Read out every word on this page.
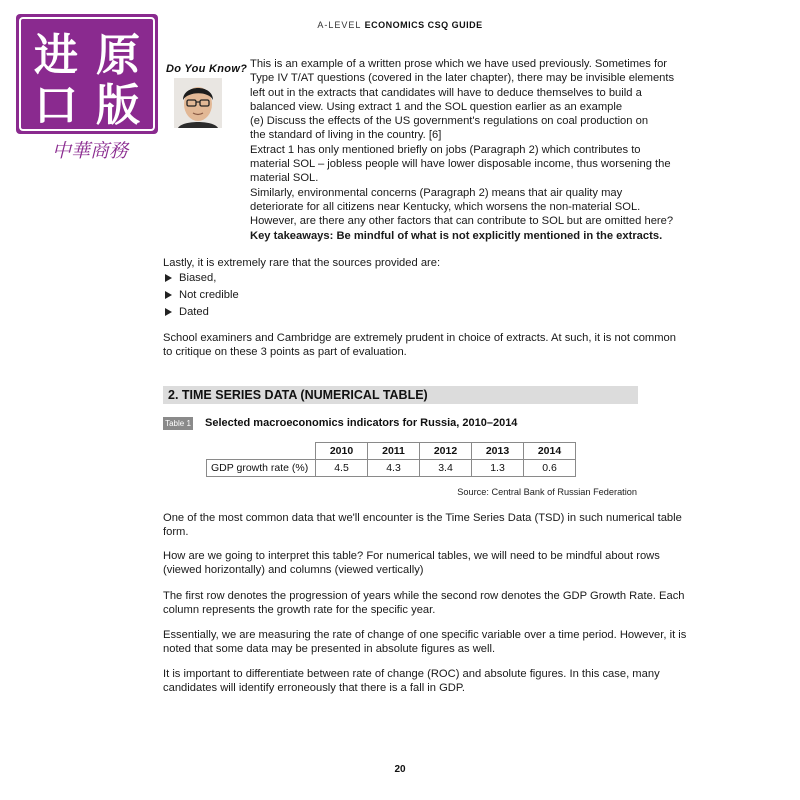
进 原
口 版
中華商務
A-LEVEL ECONOMICS CSQ GUIDE
Do You Know? This is an example of a written prose which we have used previously. Sometimes for
Type IV T/AT questions (covered in the later chapter), there may be invisible elements
left out in the extracts that candidates will have to deduce themselves to build a
balanced view. Using extract 1 and the SOL question earlier as an example
(e) Discuss the effects of the US government's regulations on coal production on
the standard of living in the country. [6]
Extract 1 has only mentioned briefly on jobs (Paragraph 2) which contributes to
material SOL – jobless people will have lower disposable income, thus worsening the
material SOL.
Similarly, environmental concerns (Paragraph 2) means that air quality may
deteriorate for all citizens near Kentucky, which worsens the non-material SOL.
However, are there any other factors that can contribute to SOL but are omitted here?
Key takeaways: Be mindful of what is not explicitly mentioned in the extracts.
Lastly, it is extremely rare that the sources provided are:
Biased,
Not credible
Dated
School examiners and Cambridge are extremely prudent in choice of extracts. At such, it is not common
to critique on these 3 points as part of evaluation.
2. TIME SERIES DATA (NUMERICAL TABLE)
Table 1 Selected macroeconomics indicators for Russia, 2010–2014
	2010	2011	2012	2013	2014
GDP growth rate (%)	4.5	4.3	3.4	1.3	0.6
Source: Central Bank of Russian Federation
One of the most common data that we'll encounter is the Time Series Data (TSD) in such numerical table
form.
How are we going to interpret this table? For numerical tables, we will need to be mindful about rows
(viewed horizontally) and columns (viewed vertically)
The first row denotes the progression of years while the second row denotes the GDP Growth Rate. Each
column represents the growth rate for the specific year.
Essentially, we are measuring the rate of change of one specific variable over a time period. However, it is
noted that some data may be presented in absolute figures as well.
It is important to differentiate between rate of change (ROC) and absolute figures. In this case, many
candidates will identify erroneously that there is a fall in GDP.
20
